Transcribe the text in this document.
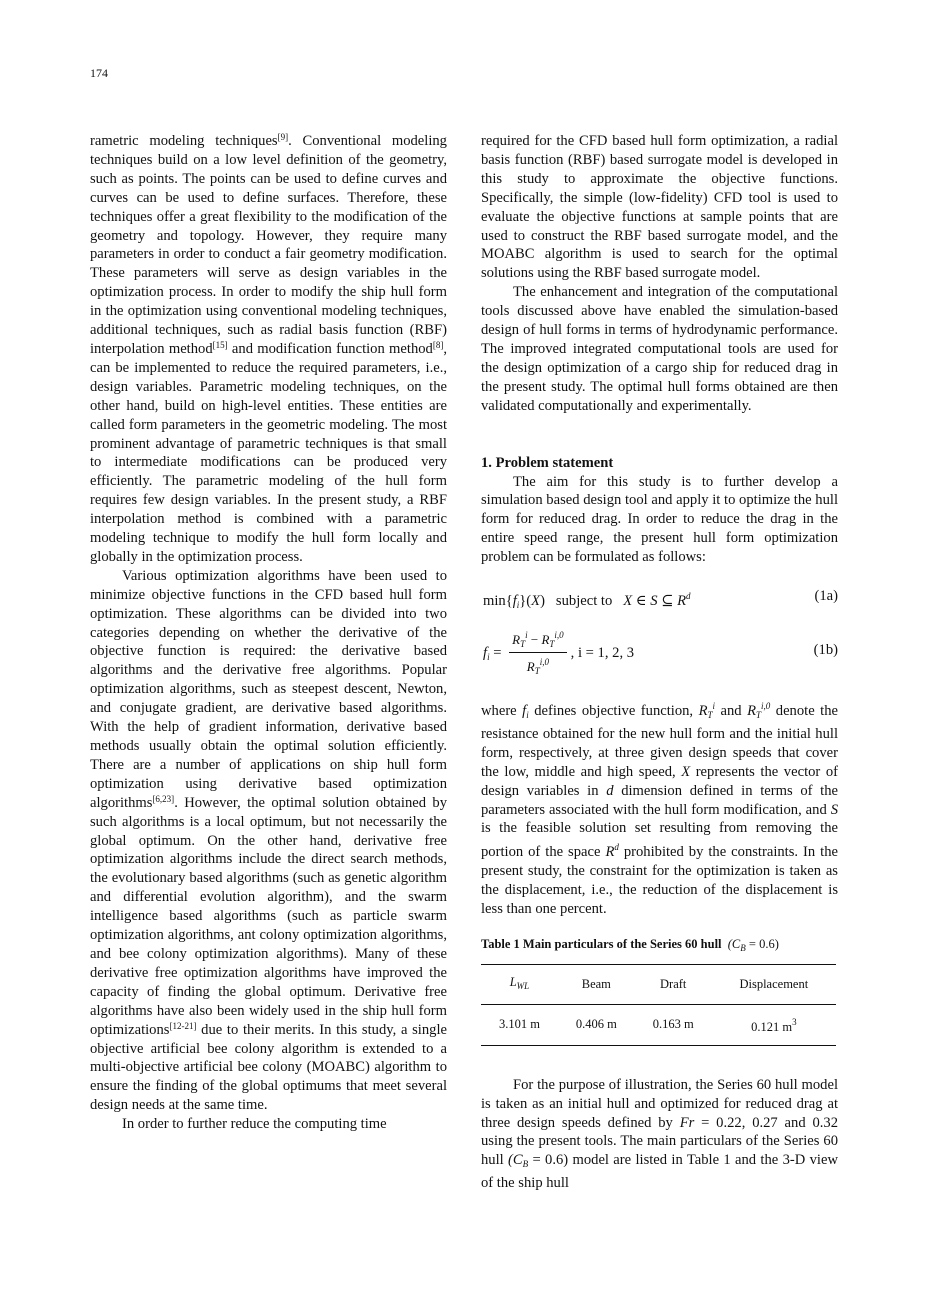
174

rametric modeling techniques[9]. Conventional modeling techniques build on a low level definition of the geometry, such as points. The points can be used to define curves and curves can be used to define surfaces. Therefore, these techniques offer a great flexibility to the modification of the geometry and topology. However, they require many parameters in order to conduct a fair geometry modification. These parameters will serve as design variables in the optimization process. In order to modify the ship hull form in the optimization using conventional modeling techniques, additional techniques, such as radial basis function (RBF) interpolation method[15] and modification function method[8], can be implemented to reduce the required parameters, i.e., design variables. Parametric modeling techniques, on the other hand, build on high-level entities. These entities are called form parameters in the geometric modeling. The most prominent advantage of parametric techniques is that small to intermediate modifications can be produced very efficiently. The parametric modeling of the hull form requires few design variables. In the present study, a RBF interpolation method is combined with a parametric modeling technique to modify the hull form locally and globally in the optimization process.

Various optimization algorithms have been used to minimize objective functions in the CFD based hull form optimization. These algorithms can be divided into two categories depending on whether the derivative of the objective function is required: the derivative based algorithms and the derivative free algorithms. Popular optimization algorithms, such as steepest descent, Newton, and conjugate gradient, are derivative based algorithms. With the help of gradient information, derivative based methods usually obtain the optimal solution efficiently. There are a number of applications on ship hull form optimization using derivative based optimization algorithms[6,23]. However, the optimal solution obtained by such algorithms is a local optimum, but not necessarily the global optimum. On the other hand, derivative free optimization algorithms include the direct search methods, the evolutionary based algorithms (such as genetic algorithm and differential evolution algorithm), and the swarm intelligence based algorithms (such as particle swarm optimization algorithms, ant colony optimization algorithms, and bee colony optimization algorithms). Many of these derivative free optimization algorithms have improved the capacity of finding the global optimum. Derivative free algorithms have also been widely used in the ship hull form optimizations[12-21] due to their merits. In this study, a single objective artificial bee colony algorithm is extended to a multi-objective artificial bee colony (MOABC) algorithm to ensure the finding of the global optimums that meet several design needs at the same time.

In order to further reduce the computing time

required for the CFD based hull form optimization, a radial basis function (RBF) based surrogate model is developed in this study to approximate the objective functions. Specifically, the simple (low-fidelity) CFD tool is used to evaluate the objective functions at sample points that are used to construct the RBF based surrogate model, and the MOABC algorithm is used to search for the optimal solutions using the RBF based surrogate model.

The enhancement and integration of the computational tools discussed above have enabled the simulation-based design of hull forms in terms of hydrodynamic performance. The improved integrated computational tools are used for the design optimization of a cargo ship for reduced drag in the present study. The optimal hull forms obtained are then validated computationally and experimentally.

1. Problem statement

The aim for this study is to further develop a simulation based design tool and apply it to optimize the hull form for reduced drag. In order to reduce the drag in the entire speed range, the present hull form optimization problem can be formulated as follows:

$\min\{f_i\}(X)$ subject to X ∈ S ⊆ $R^d$	(1a)
$f_i = \frac{R_T^i - R_T^{i,0}}{R_T^{i,0}}$ , i = 1, 2, 3	(1b)

where $f_i$ defines objective function, $R_T^i$ and $R_T^{i,0}$ denote the resistance obtained for the new hull form and the initial hull form, respectively, at three given design speeds that cover the low, middle and high speed, X represents the vector of design variables in d dimension defined in terms of the parameters associated with the hull form modification, and S is the feasible solution set resulting from removing the portion of the space $R^d$ prohibited by the constraints. In the present study, the constraint for the optimization is taken as the displacement, i.e., the reduction of the displacement is less than one percent.

Table 1 Main particulars of the Series 60 hull $(C_B = 0.6)$

$L_{WL}$	Beam	Draft	Displacement
3.101 m	0.406 m	0.163 m	0.121 $m^3$

For the purpose of illustration, the Series 60 hull model is taken as an initial hull and optimized for reduced drag at three design speeds defined by Fr = 0.22, 0.27 and 0.32 using the present tools. The main particulars of the Series 60 hull $(C_B = 0.6)$ model are listed in Table 1 and the 3-D view of the ship hull
